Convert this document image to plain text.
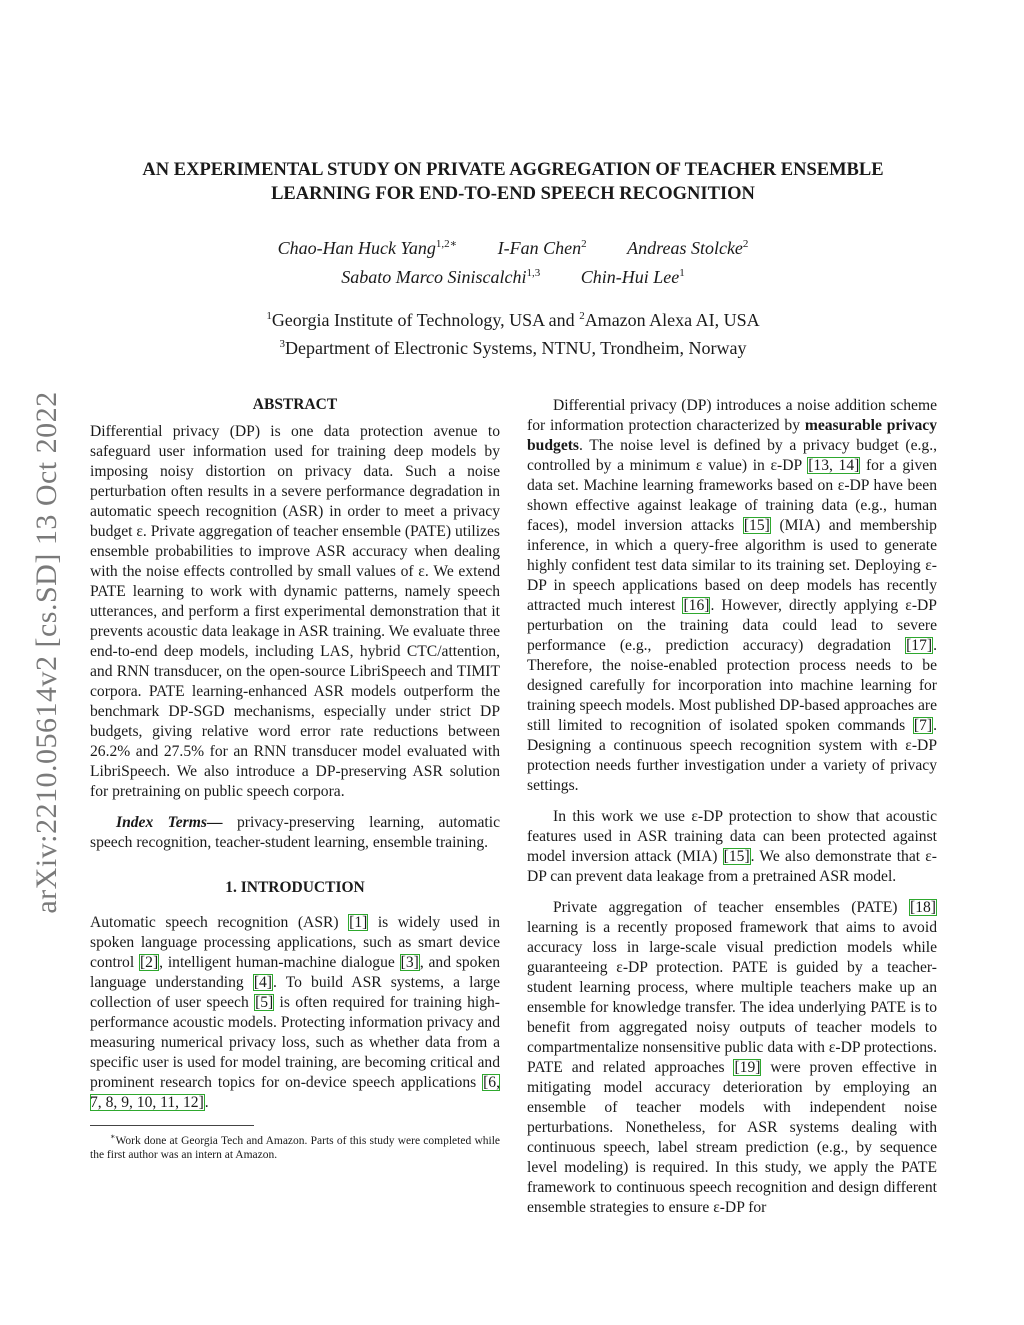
arXiv:2210.05614v2 [cs.SD] 13 Oct 2022
AN EXPERIMENTAL STUDY ON PRIVATE AGGREGATION OF TEACHER ENSEMBLE
LEARNING FOR END-TO-END SPEECH RECOGNITION
Chao-Han Huck Yang$^{1,2∗}$ I-Fan Chen$^2$ Andreas Stolcke$^2$
Sabato Marco Siniscalchi$^{1,3}$ Chin-Hui Lee$^1$
$^1$Georgia Institute of Technology, USA and $^2$Amazon Alexa AI, USA
$^3$Department of Electronic Systems, NTNU, Trondheim, Norway
ABSTRACT

Differential privacy (DP) is one data protection avenue to safeguard user information used for training deep models by imposing noisy distortion on privacy data. Such a noise perturbation often results in a severe performance degradation in automatic speech recognition (ASR) in order to meet a privacy budget ε. Private aggregation of teacher ensemble (PATE) utilizes ensemble probabilities to improve ASR accuracy when dealing with the noise effects controlled by small values of ε. We extend PATE learning to work with dynamic patterns, namely speech utterances, and perform a first experimental demonstration that it prevents acoustic data leakage in ASR training. We evaluate three end-to-end deep models, including LAS, hybrid CTC/attention, and RNN transducer, on the open-source LibriSpeech and TIMIT corpora. PATE learning-enhanced ASR models outperform the benchmark DP-SGD mechanisms, especially under strict DP budgets, giving relative word error rate reductions between 26.2% and 27.5% for an RNN transducer model evaluated with LibriSpeech. We also introduce a DP-preserving ASR solution for pretraining on public speech corpora.

Index Terms— privacy-preserving learning, automatic speech recognition, teacher-student learning, ensemble training.

1. INTRODUCTION

Automatic speech recognition (ASR) [1] is widely used in spoken language processing applications, such as smart device control [2], intelligent human-machine dialogue [3], and spoken language understanding [4]. To build ASR systems, a large collection of user speech [5] is often required for training high-performance acoustic models. Protecting information privacy and measuring numerical privacy loss, such as whether data from a specific user is used for model training, are becoming critical and prominent research topics for on-device speech applications [6, 7, 8, 9, 10, 11, 12].

∗Work done at Georgia Tech and Amazon. Parts of this study were completed while the first author was an intern at Amazon.

Differential privacy (DP) introduces a noise addition scheme for information protection characterized by measurable privacy budgets. The noise level is defined by a privacy budget (e.g., controlled by a minimum ε value) in ε-DP [13, 14] for a given data set. Machine learning frameworks based on ε-DP have been shown effective against leakage of training data (e.g., human faces), model inversion attacks [15] (MIA) and membership inference, in which a query-free algorithm is used to generate highly confident test data similar to its training set. Deploying ε-DP in speech applications based on deep models has recently attracted much interest [16]. However, directly applying ε-DP perturbation on the training data could lead to severe performance (e.g., prediction accuracy) degradation [17]. Therefore, the noise-enabled protection process needs to be designed carefully for incorporation into machine learning for training speech models. Most published DP-based approaches are still limited to recognition of isolated spoken commands [7]. Designing a continuous speech recognition system with ε-DP protection needs further investigation under a variety of privacy settings.

In this work we use ε-DP protection to show that acoustic features used in ASR training data can been protected against model inversion attack (MIA) [15]. We also demonstrate that ε-DP can prevent data leakage from a pretrained ASR model.

Private aggregation of teacher ensembles (PATE) [18] learning is a recently proposed framework that aims to avoid accuracy loss in large-scale visual prediction models while guaranteeing ε-DP protection. PATE is guided by a teacher-student learning process, where multiple teachers make up an ensemble for knowledge transfer. The idea underlying PATE is to benefit from aggregated noisy outputs of teacher models to compartmentalize nonsensitive public data with ε-DP protections. PATE and related approaches [19] were proven effective in mitigating model accuracy deterioration by employing an ensemble of teacher models with independent noise perturbations. Nonetheless, for ASR systems dealing with continuous speech, label stream prediction (e.g., by sequence level modeling) is required. In this study, we apply the PATE framework to continuous speech recognition and design different ensemble strategies to ensure ε-DP for
